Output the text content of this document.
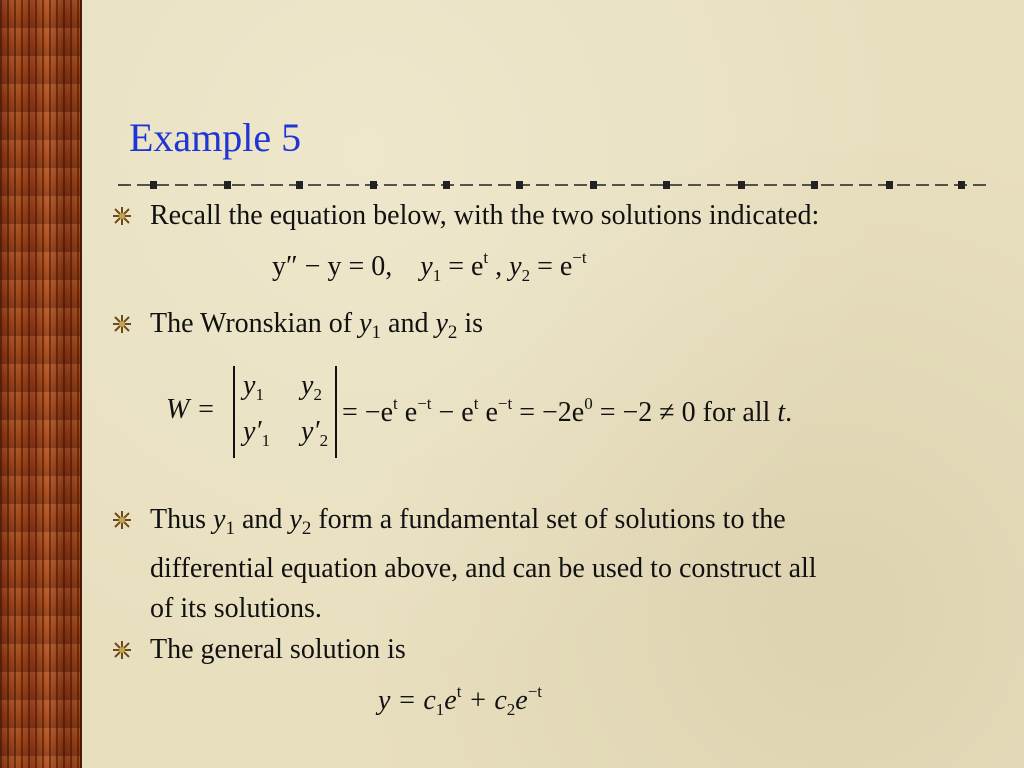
Example 5
Recall the equation below, with the two solutions indicated:
y″ − y = 0, $y_1 = e^t$ , $y_2 = e^{-t}$
The Wronskian of $y_1$ and $y_2$ is
W =
$y_1$ $y_2$
$y'_1$ $y'_2$
= $-e^t$ $e^{-t} - e^t$ $e^{-t} = -2e^0 = -2 \ne 0$ for all t.
Thus $y_1$ and $y_2$ form a fundamental set of solutions to the
differential equation above, and can be used to construct all
of its solutions.
The general solution is
$y = c_1e^t + c_2e^{-t}$
